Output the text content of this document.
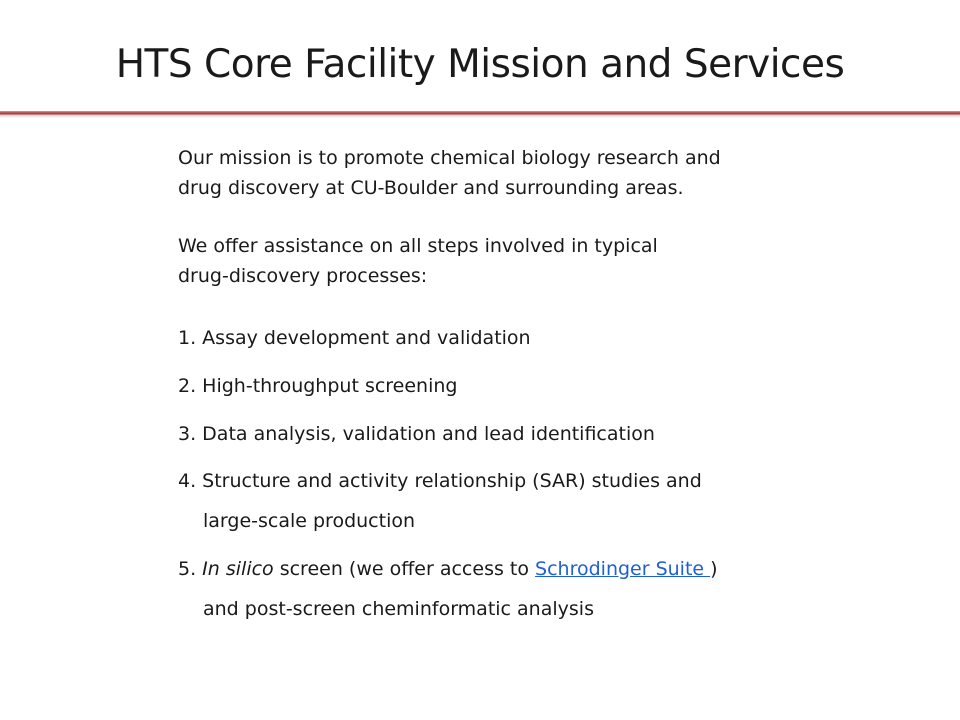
HTS Core Facility Mission and Services
Our mission is to promote chemical biology research and
drug discovery at CU-Boulder and surrounding areas.
We offer assistance on all steps involved in typical
drug-discovery processes:
1. Assay development and validation
2. High-throughput screening
3. Data analysis, validation and lead identification
4. Structure and activity relationship (SAR) studies and
large-scale production
5. In silico screen (we offer access to Schrodinger Suite )
and post-screen cheminformatic analysis
